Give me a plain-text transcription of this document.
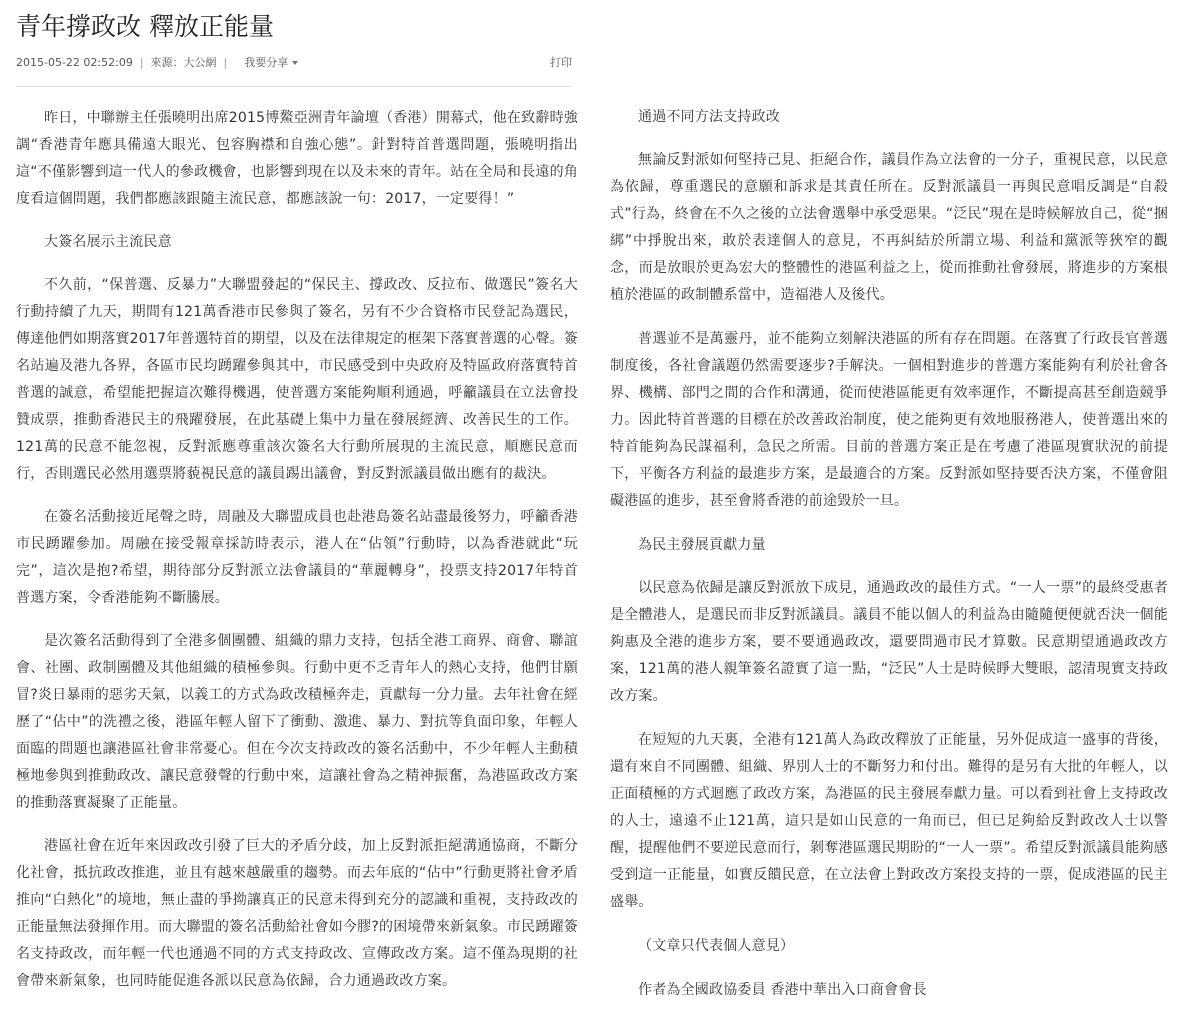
青年撐政改 釋放正能量
2015-05-22 02:52:09 | 來源：大公網 | 我要分享	打印

昨日，中聯辦主任張曉明出席2015博鰲亞洲青年論壇（香港）開幕式，他在致辭時強調“香港青年應具備遠大眼光、包容胸襟和自強心態”。針對特首普選問題，張曉明指出這“不僅影響到這一代人的參政機會，也影響到現在以及未來的青年。站在全局和長遠的角度看這個問題，我們都應該跟隨主流民意，都應該說一句：2017，一定要得！”

大簽名展示主流民意

不久前，“保普選、反暴力”大聯盟發起的“保民主、撐政改、反拉布、做選民”簽名大行動持續了九天，期間有121萬香港市民參與了簽名，另有不少合資格市民登記為選民，傳達他們如期落實2017年普選特首的期望，以及在法律規定的框架下落實普選的心聲。簽名站遍及港九各界，各區市民均踴躍參與其中，市民感受到中央政府及特區政府落實特首普選的誠意，希望能把握這次難得機遇，使普選方案能夠順利通過，呼籲議員在立法會投贊成票，推動香港民主的飛躍發展，在此基礎上集中力量在發展經濟、改善民生的工作。121萬的民意不能忽視，反對派應尊重該次簽名大行動所展現的主流民意，順應民意而行，否則選民必然用選票將藐視民意的議員踢出議會，對反對派議員做出應有的裁決。

在簽名活動接近尾聲之時，周融及大聯盟成員也赴港島簽名站盡最後努力，呼籲香港市民踴躍參加。周融在接受報章採訪時表示，港人在“佔領”行動時，以為香港就此“玩完”，這次是抱?希望，期待部分反對派立法會議員的“華麗轉身”，投票支持2017年特首普選方案，令香港能夠不斷騰展。

是次簽名活動得到了全港多個團體、組織的鼎力支持，包括全港工商界、商會、聯誼會、社團、政制團體及其他組織的積極參與。行動中更不乏青年人的熱心支持，他們甘願冒?炎日暴雨的惡劣天氣，以義工的方式為政改積極奔走，貢獻每一分力量。去年社會在經歷了“佔中”的洗禮之後，港區年輕人留下了衝動、激進、暴力、對抗等負面印象，年輕人面臨的問題也讓港區社會非常憂心。但在今次支持政改的簽名活動中，不少年輕人主動積極地參與到推動政改、讓民意發聲的行動中來，這讓社會為之精神振奮，為港區政改方案的推動落實凝聚了正能量。

港區社會在近年來因政改引發了巨大的矛盾分歧，加上反對派拒絕溝通協商，不斷分化社會，抵抗政改推進，並且有越來越嚴重的趨勢。而去年底的“佔中”行動更將社會矛盾推向“白熱化”的境地，無止盡的爭拗讓真正的民意未得到充分的認識和重視，支持政改的正能量無法發揮作用。而大聯盟的簽名活動給社會如今膠?的困境帶來新氣象。市民踴躍簽名支持政改，而年輕一代也通過不同的方式支持政改、宣傳政改方案。這不僅為現期的社會帶來新氣象，也同時能促進各派以民意為依歸，合力通過政改方案。

通過不同方法支持政改

無論反對派如何堅持己見、拒絕合作，議員作為立法會的一分子，重視民意，以民意為依歸，尊重選民的意願和訴求是其責任所在。反對派議員一再與民意唱反調是“自殺式”行為，終會在不久之後的立法會選舉中承受惡果。“泛民”現在是時候解放自己，從“捆綁”中掙脫出來，敢於表達個人的意見，不再糾結於所謂立場、利益和黨派等狹窄的觀念，而是放眼於更為宏大的整體性的港區利益之上，從而推動社會發展，將進步的方案根植於港區的政制體系當中，造福港人及後代。

普選並不是萬靈丹，並不能夠立刻解決港區的所有存在問題。在落實了行政長官普選制度後，各社會議題仍然需要逐步?手解決。一個相對進步的普選方案能夠有利於社會各界、機構、部門之間的合作和溝通，從而使港區能更有效率運作，不斷提高甚至創造競爭力。因此特首普選的目標在於改善政治制度，使之能夠更有效地服務港人，使普選出來的特首能夠為民謀福利，急民之所需。目前的普選方案正是在考慮了港區現實狀況的前提下，平衡各方利益的最進步方案，是最適合的方案。反對派如堅持要否決方案，不僅會阻礙港區的進步，甚至會將香港的前途毀於一旦。

為民主發展貢獻力量

以民意為依歸是讓反對派放下成見，通過政改的最佳方式。“一人一票”的最終受惠者是全體港人，是選民而非反對派議員。議員不能以個人的利益為由隨隨便便就否決一個能夠惠及全港的進步方案，要不要通過政改，還要問過市民才算數。民意期望通過政改方案，121萬的港人親筆簽名證實了這一點，“泛民”人士是時候睜大雙眼，認清現實支持政改方案。

在短短的九天裏，全港有121萬人為政改釋放了正能量，另外促成這一盛事的背後，還有來自不同團體、組織、界別人士的不斷努力和付出。難得的是另有大批的年輕人，以正面積極的方式迴應了政改方案，為港區的民主發展奉獻力量。可以看到社會上支持政改的人士，遠遠不止121萬，這只是如山民意的一角而已，但已足夠給反對政改人士以警醒，提醒他們不要逆民意而行，剝奪港區選民期盼的“一人一票”。希望反對派議員能夠感受到這一正能量，如實反饋民意，在立法會上對政改方案投支持的一票，促成港區的民主盛舉。

（文章只代表個人意見）

作者為全國政協委員 香港中華出入口商會會長
